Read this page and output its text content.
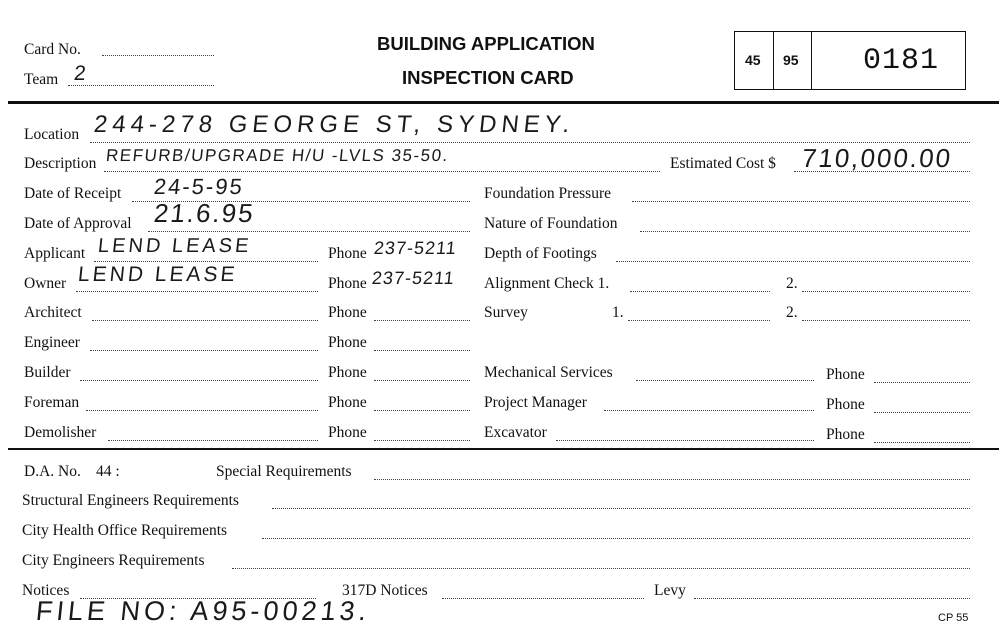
Card No.
Team 2
BUILDING APPLICATION
INSPECTION CARD
45 95 0181
Location 244-278 GEORGE ST, SYDNEY.
Description REFURB/UPGRADE H/U -LVLS 35-50.	Estimated Cost $ 710,000.00
Date of Receipt 24-5-95	Foundation Pressure
Date of Approval 21.6.95	Nature of Foundation
Applicant LEND LEASE	Phone 237-5211 Depth of Footings
Owner LEND LEASE	Phone 237-5211 Alignment Check 1.	2.
Architect	Phone	Survey	1.	2.
Engineer	Phone
Builder	Phone	Mechanical Services	Phone
Foreman	Phone	Project Manager	Phone
Demolisher	Phone	Excavator	Phone
D.A. No. 44 :	Special Requirements
Structural Engineers Requirements
City Health Office Requirements
City Engineers Requirements
Notices	317D Notices	Levy
FILE NO: A95-00213.	CP 55
